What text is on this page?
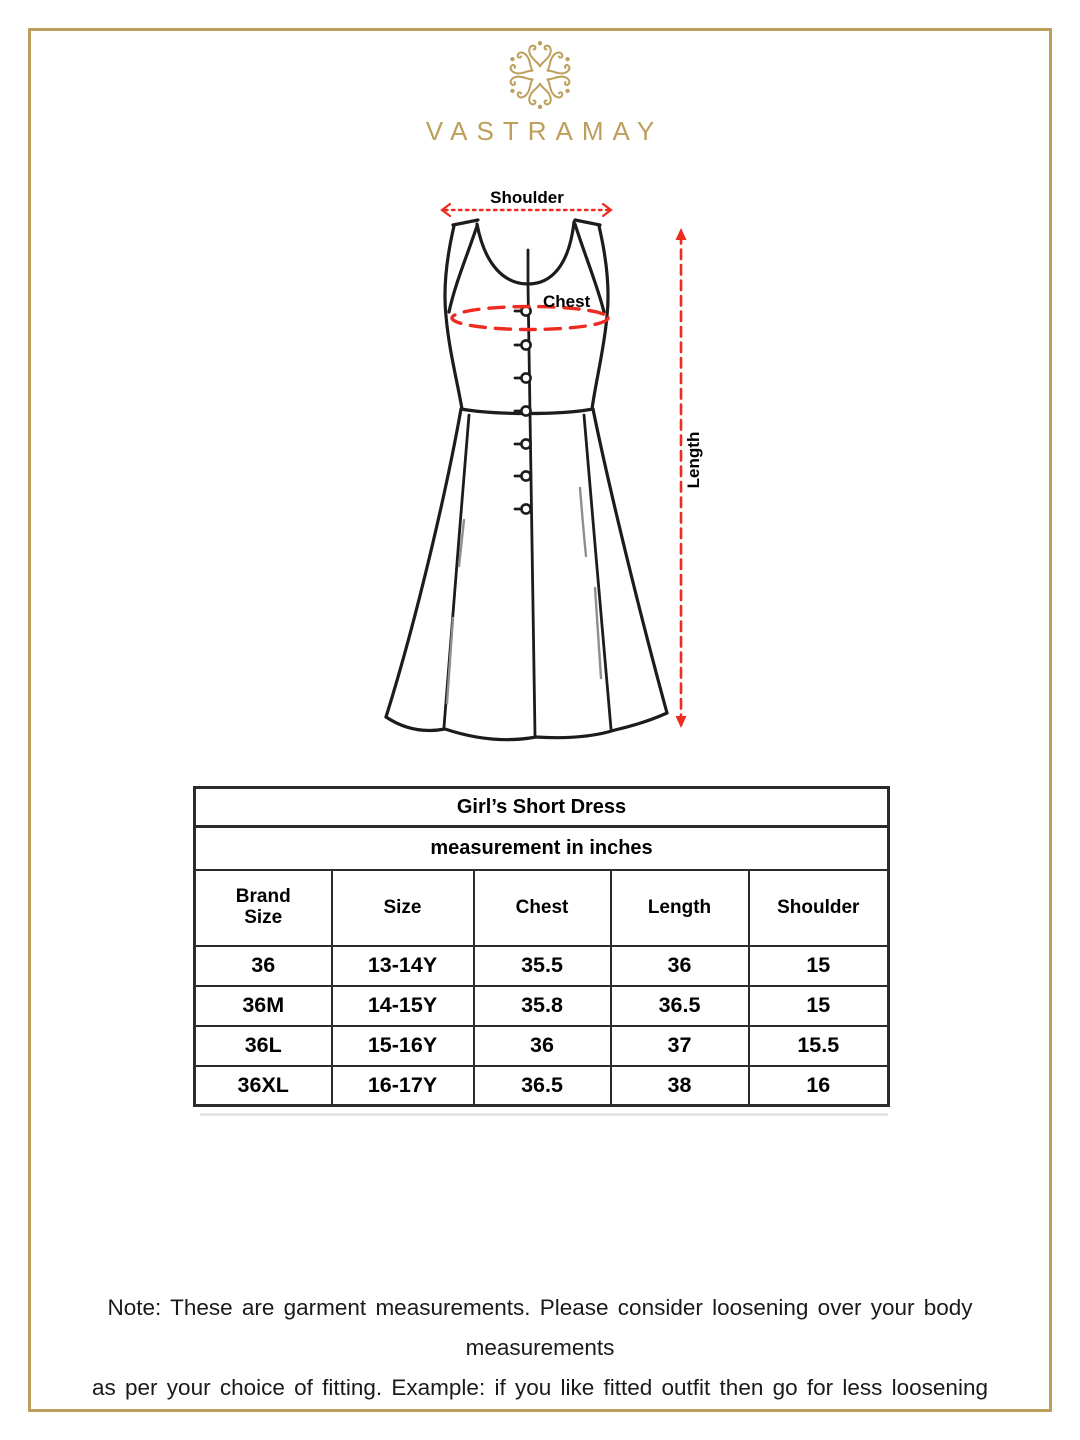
VASTRAMAY
Shoulder
Chest
Length
Girl’s Short Dress				
measurement in inches				
Brand Size	Size	Chest	Length	Shoulder
36	13-14Y	35.5	36	15
36M	14-15Y	35.8	36.5	15
36L	15-16Y	36	37	15.5
36XL	16-17Y	36.5	38	16
Note: These are garment measurements. Please consider loosening over your body measurements
as per your choice of fitting. Example: if you like fitted outfit then go for less loosening
